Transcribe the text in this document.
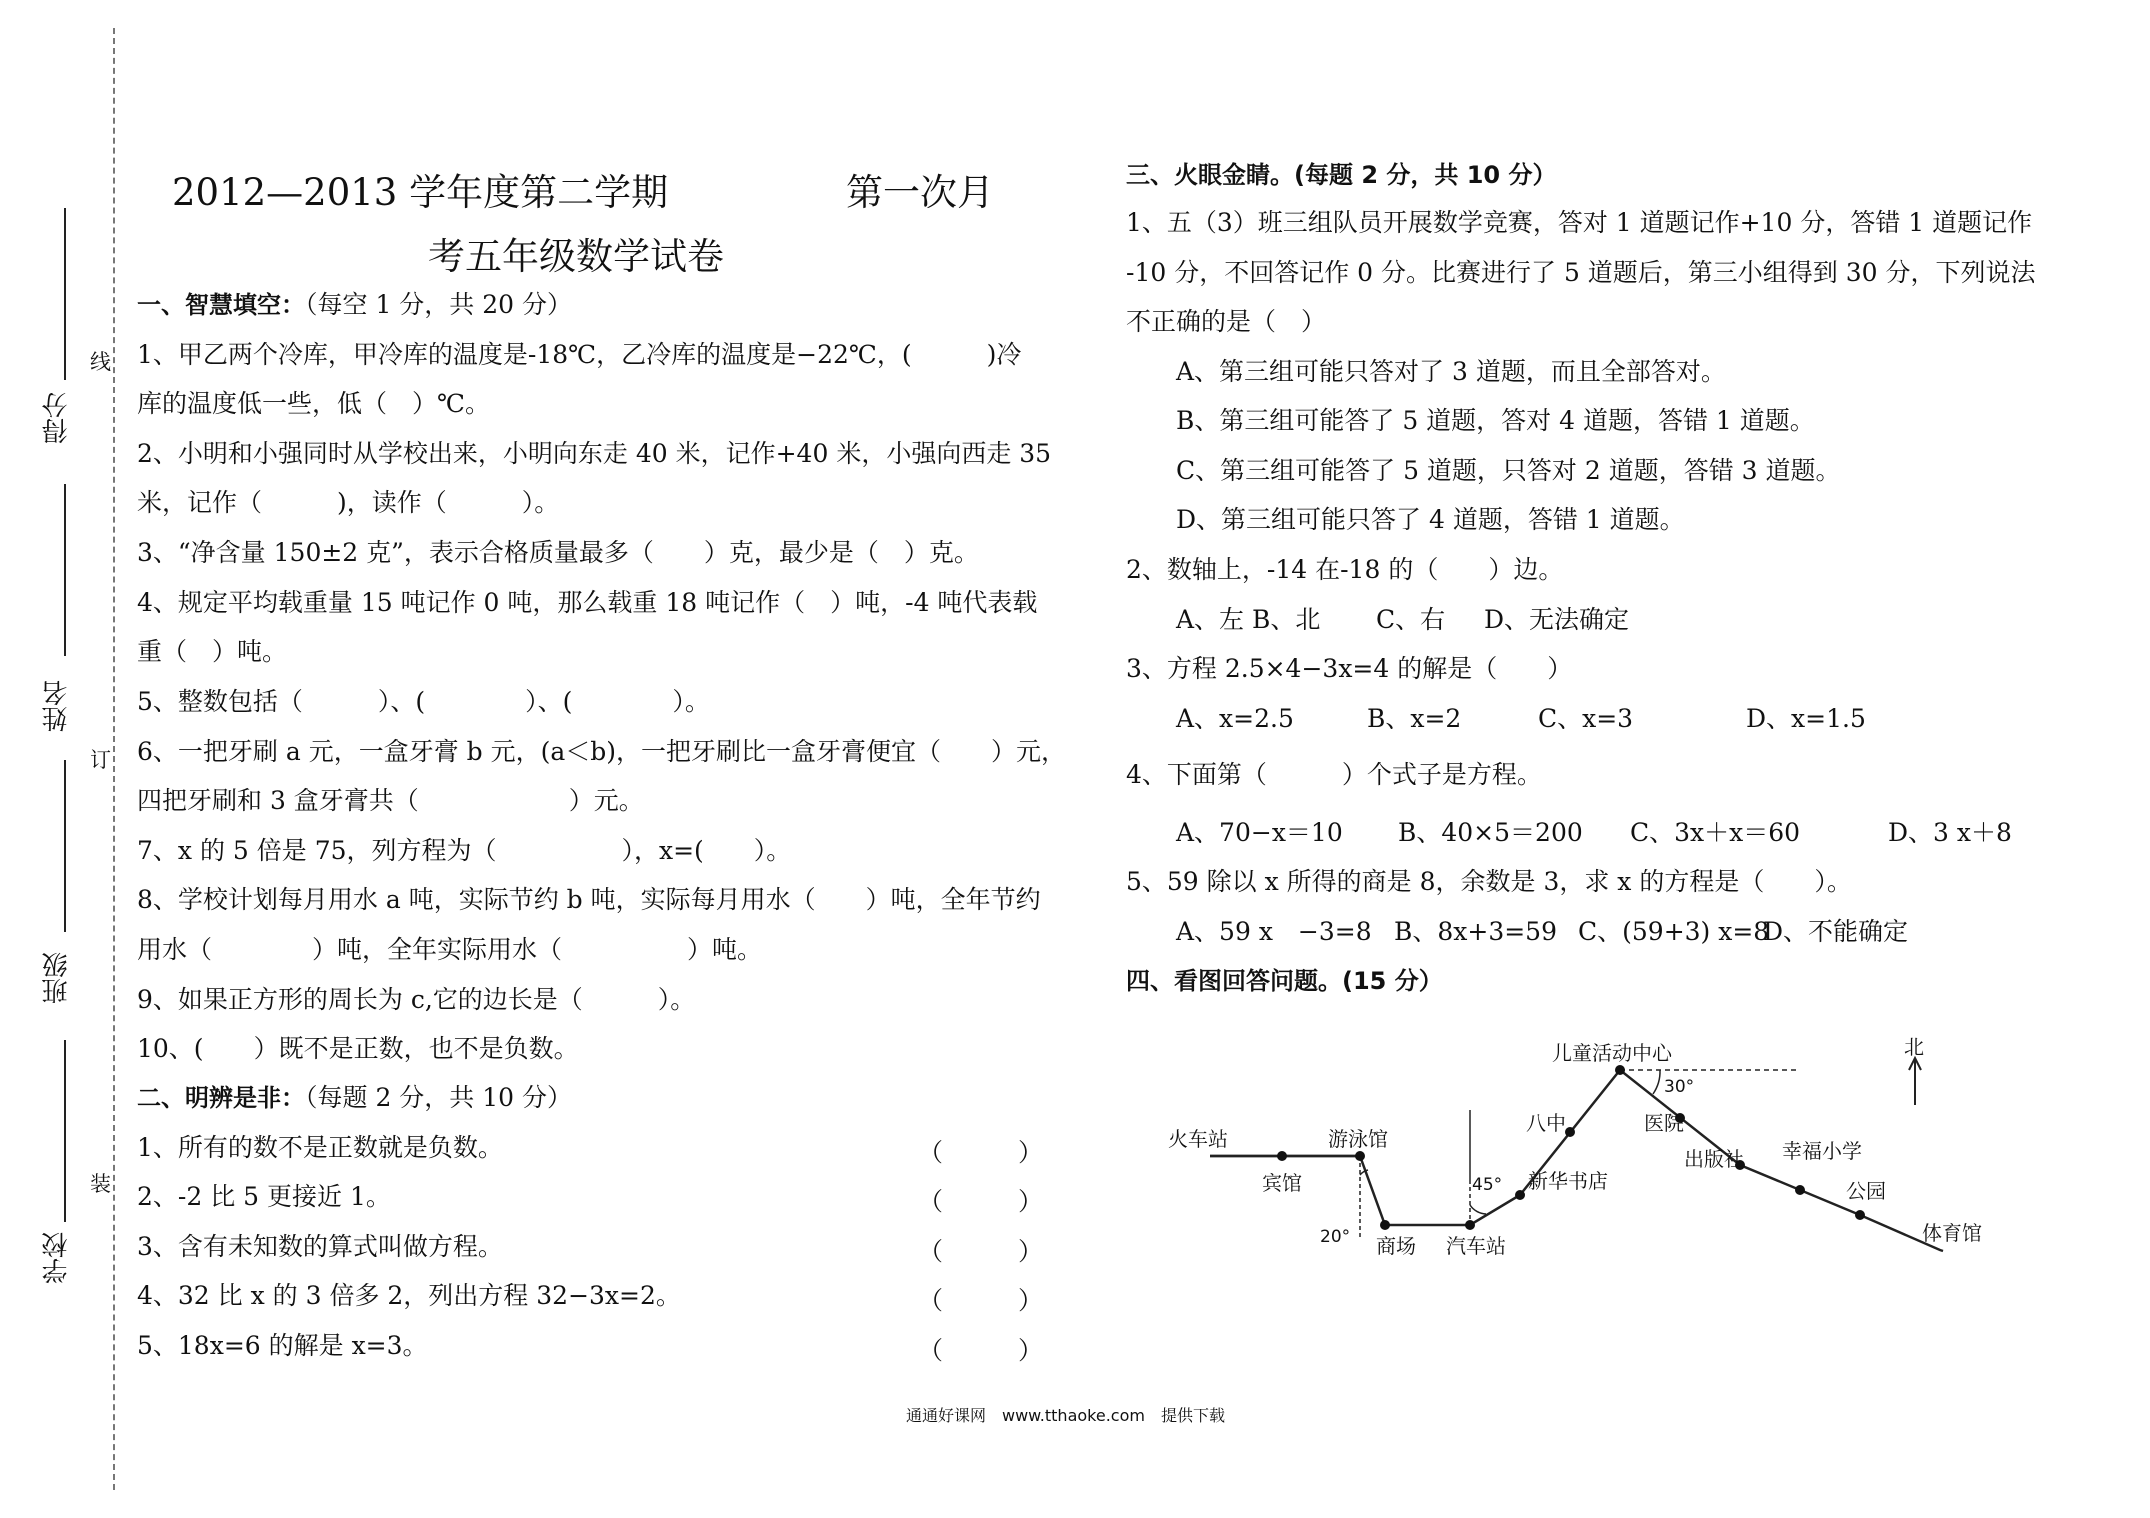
线
订
装
得分
姓名
班级
学校
2012—2013 学年度第二学期	第一次月
考五年级数学试卷
一、智慧填空：（每空 1 分，共 20 分）
1、甲乙两个冷库，甲冷库的温度是-18℃，乙冷库的温度是−22℃，(　　　)冷
库的温度低一些，低（　）℃。
2、小明和小强同时从学校出来，小明向东走 40 米，记作+40 米，小强向西走 35
米，记作（　　　)，读作（　　　）。
3、“净含量 150±2 克”，表示合格质量最多（　　）克，最少是（　）克。
4、规定平均载重量 15 吨记作 0 吨，那么载重 18 吨记作（　）吨，-4 吨代表载
重（　）吨。
5、整数包括（　　　）、(　　　　）、(　　　　）。
6、一把牙刷 a 元，一盒牙膏 b 元，(a＜b)，一把牙刷比一盒牙膏便宜（　　）元，
四把牙刷和 3 盒牙膏共（　　　　　　）元。
7、x 的 5 倍是 75，列方程为（　　　　　），x=(　　）。
8、学校计划每月用水 a 吨，实际节约 b 吨，实际每月用水（　　）吨，全年节约
用水（　　　　）吨，全年实际用水（　　　　　）吨。
9、如果正方形的周长为 c,它的边长是（　　　）。
10、(　　）既不是正数，也不是负数。
二、明辨是非：（每题 2 分，共 10 分）
1、所有的数不是正数就是负数。	（　　　）
2、-2 比 5 更接近 1。	（　　　）
3、含有未知数的算式叫做方程。	（　　　）
4、32 比 x 的 3 倍多 2，列出方程 32−3x=2。	（　　　）
5、18x=6 的解是 x=3。	（　　　）
三、火眼金睛。(每题 2 分，共 10 分）
1、五（3）班三组队员开展数学竞赛，答对 1 道题记作+10 分，答错 1 道题记作
-10 分，不回答记作 0 分。比赛进行了 5 道题后，第三小组得到 30 分，下列说法
不正确的是（　）
A、第三组可能只答对了 3 道题，而且全部答对。
B、第三组可能答了 5 道题，答对 4 道题，答错 1 道题。
C、第三组可能答了 5 道题，只答对 2 道题，答错 3 道题。
D、第三组可能只答了 4 道题，答错 1 道题。
2、数轴上，-14 在-18 的（　　）边。
A、左 B、北 C、右 D、无法确定
3、方程 2.5×4−3x=4 的解是（　　）
A、x=2.5	B、x=2	C、x=3	D、x=1.5
4、下面第（　　　）个式子是方程。
A、70−x＝10 B、40×5＝200 C、3x＋x＝60	D、3 x＋8
5、59 除以 x 所得的商是 8，余数是 3，求 x 的方程是（　　）。
A、59 x　−3=8 B、8x+3=59 C、(59+3) x=8
D、不能确定
四、看图回答问题。(15 分）
火车站
宾馆
游泳馆
商场 汽车站
新华书店
八中
儿童活动中心
医院
出版社 幸福小学
公园
体育馆
20°
45°
30°
北
通通好课网　www.tthaoke.com　提供下载
